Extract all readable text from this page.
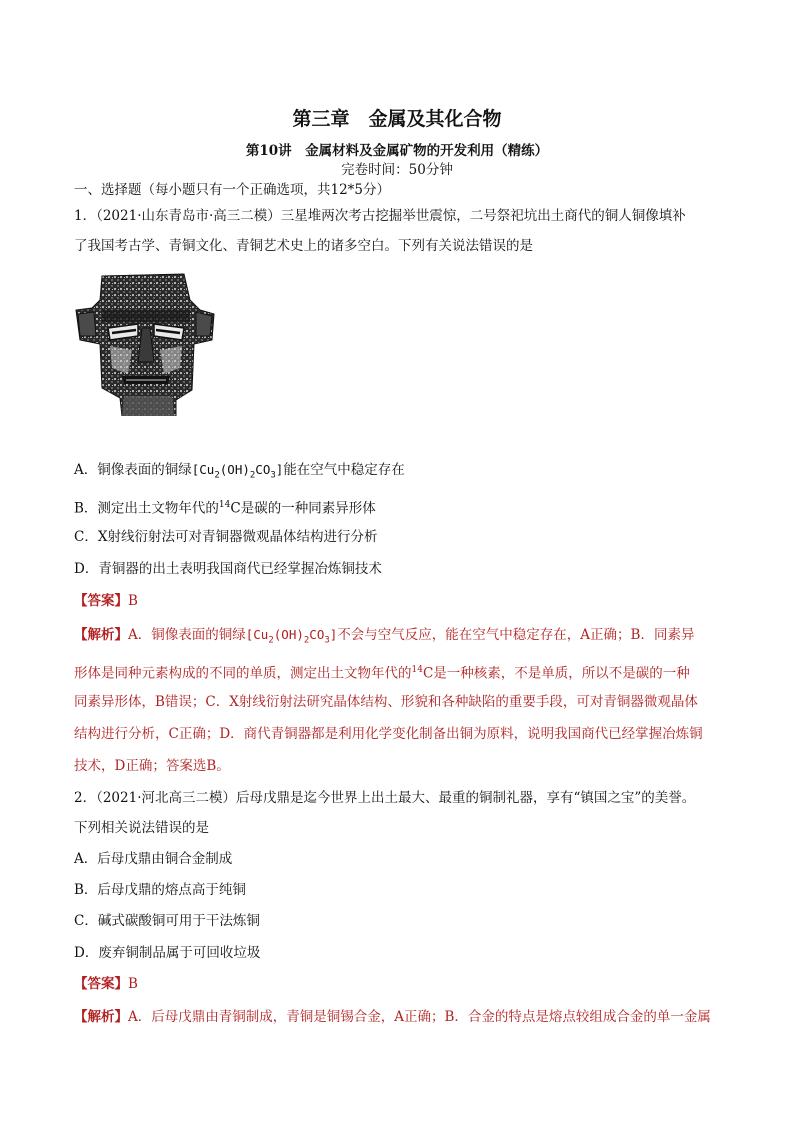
第三章　金属及其化合物
第10讲　金属材料及金属矿物的开发利用（精练）
完卷时间：50分钟
一、选择题（每小题只有一个正确选项，共12*5分）
1．（2021·山东青岛市·高三二模）三星堆两次考古挖掘举世震惊，二号祭祀坑出土商代的铜人铜像填补
了我国考古学、青铜文化、青铜艺术史上的诸多空白。下列有关说法错误的是
A．铜像表面的铜绿$[Cu_2(OH)_2CO_3]$能在空气中稳定存在
B．测定出土文物年代的$^{14}$C是碳的一种同素异形体
C．X射线衍射法可对青铜器微观晶体结构进行分析
D．青铜器的出土表明我国商代已经掌握冶炼铜技术
【答案】B
【解析】A．铜像表面的铜绿$[Cu_2(OH)_2CO_3]$不会与空气反应，能在空气中稳定存在，A正确；B．同素异
形体是同种元素构成的不同的单质，测定出土文物年代的$^{14}$C是一种核素，不是单质，所以不是碳的一种
同素异形体，B错误；C．X射线衍射法研究晶体结构、形貌和各种缺陷的重要手段，可对青铜器微观晶体
结构进行分析，C正确；D．商代青铜器都是利用化学变化制备出铜为原料，说明我国商代已经掌握冶炼铜
技术，D正确；答案选B。
2．（2021·河北高三二模）后母戊鼎是迄今世界上出土最大、最重的铜制礼器，享有“镇国之宝”的美誉。
下列相关说法错误的是
A．后母戊鼎由铜合金制成
B．后母戊鼎的熔点高于纯铜
C．碱式碳酸铜可用于干法炼铜
D．废弃铜制品属于可回收垃圾
【答案】B
【解析】A．后母戊鼎由青铜制成，青铜是铜锡合金，A正确；B．合金的特点是熔点较组成合金的单一金属
